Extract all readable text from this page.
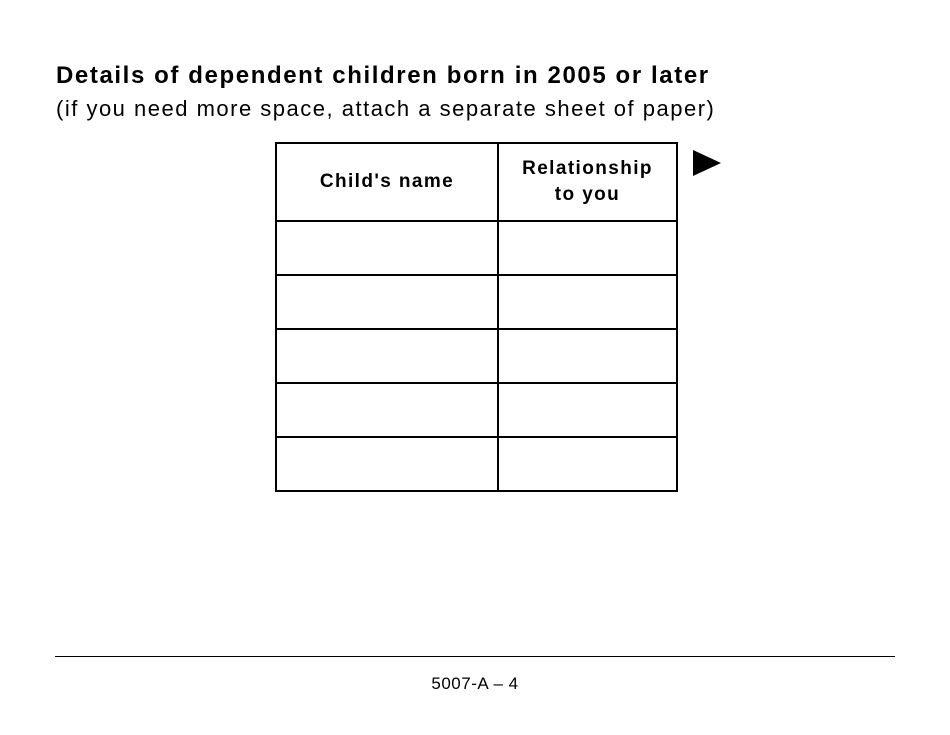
Details of dependent children born in 2005 or later
(if you need more space, attach a separate sheet of paper)
Child's name	Relationship
to you

5007-A – 4
